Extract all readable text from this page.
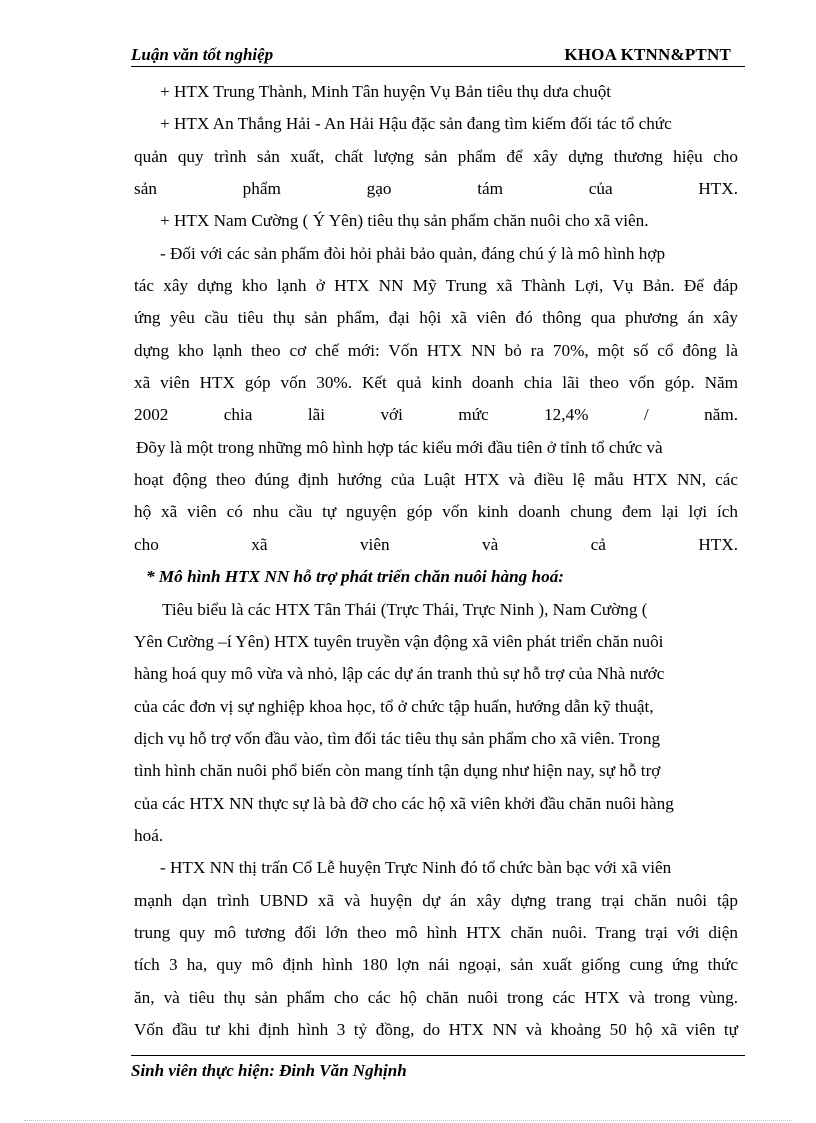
Luận văn tốt nghiệp	KHOA KTNN&PTNT
+ HTX Trung Thành, Minh Tân huyện Vụ Bản tiêu thụ dưa chuột
+ HTX An Thắng Hải - An Hải Hậu đặc sản đang tìm kiếm đối tác tổ chức
quản quy trình sản xuất, chất lượng sản phẩm để xây dựng thương hiệu cho
sản phẩm gạo tám của HTX.
+ HTX Nam Cường ( Ý Yên) tiêu thụ sản phẩm chăn nuôi cho xã viên.
- Đối với các sản phẩm đòi hỏi phải bảo quản, đáng chú ý là mô hình hợp
tác xây dựng kho lạnh ở HTX NN Mỹ Trung xã Thành Lợi, Vụ Bản. Để đáp
ứng yêu cầu tiêu thụ sản phẩm, đại hội xã viên đó thông qua phương án xây
dựng kho lạnh theo cơ chế mới: Vốn HTX NN bỏ ra 70%, một số cổ đông là
xã viên HTX góp vốn 30%. Kết quả kinh doanh chia lãi theo vốn góp. Năm
2002 chia lãi với mức 12,4% / năm.
Đõy là một trong những mô hình hợp tác kiểu mới đầu tiên ở tỉnh tổ chức và
hoạt động theo đúng định hướng của Luật HTX và điều lệ mẫu HTX NN, các
hộ xã viên có nhu cầu tự nguyện góp vốn kinh doanh chung đem lại lợi ích
cho xã viên và cả HTX.
* Mô hình HTX NN hỗ trợ phát triển chăn nuôi hàng hoá:
Tiêu biểu là các HTX Tân Thái (Trực Thái, Trực Ninh ), Nam Cường (
Yên Cường –í Yên) HTX tuyên truyền vận động xã viên phát triển chăn nuôi
hàng hoá quy mô vừa và nhỏ, lập các dự án tranh thủ sự hỗ trợ của Nhà nước
của các đơn vị sự nghiệp khoa học, tổ ở chức tập huấn, hướng dẫn kỹ thuật,
dịch vụ hỗ trợ vốn đầu vào, tìm đối tác tiêu thụ sản phẩm cho xã viên. Trong
tình hình chăn nuôi phổ biến còn mang tính tận dụng như hiện nay, sự hỗ trợ
của các HTX NN thực sự là bà đỡ cho các hộ xã viên khởi đầu chăn nuôi hàng
hoá.
- HTX NN thị trấn Cổ Lễ huyện Trực Ninh đó tổ chức bàn bạc với xã viên
mạnh dạn trình UBND xã và huyện dự án xây dựng trang trại chăn nuôi tập
trung quy mô tương đối lớn theo mô hình HTX chăn nuôi. Trang trại với diện
tích 3 ha, quy mô định hình 180 lợn nái ngoại, sản xuất giống cung ứng thức
ăn, và tiêu thụ sản phẩm cho các hộ chăn nuôi trong các HTX và trong vùng.
Vốn đầu tư khi định hình 3 tỷ đồng, do HTX NN và khoảng 50 hộ xã viên tự
Sinh viên thực hiện: Đinh Văn Nghịnh
